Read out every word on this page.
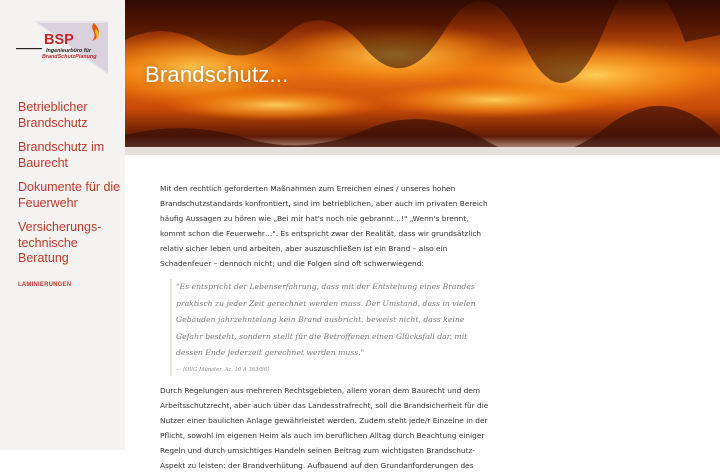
BSP
Ingenieurbüro für
BrandSchutzPlanung
Betrieblicher Brandschutz
Brandschutz im Baurecht
Dokumente für die Feuerwehr
Versicherungs-technische Beratung
LAMINIERUNGEN
Brandschutz...

Mit den rechtlich geforderten Maßnahmen zum Erreichen eines / unseres hohen Brandschutzstandards konfrontiert, sind im betrieblichen, aber auch im privaten Bereich häufig Aussagen zu hören wie „Bei mir hat's noch nie gebrannt…!" „Wenn's brennt, kommt schon die Feuerwehr…". Es entspricht zwar der Realität, dass wir grundsätzlich relativ sicher leben und arbeiten, aber auszuschließen ist ein Brand – also ein Schadenfeuer – dennoch nicht; und die Folgen sind oft schwerwiegend:

"Es entspricht der Lebenserfahrung, dass mit der Entstehung eines Brandes praktisch zu jeder Zeit gerechnet werden muss. Der Umstand, dass in vielen Gebäuden jahrzehntelang kein Brand ausbricht, beweist nicht, dass keine Gefahr besteht, sondern stellt für die Betroffenen einen Glücksfall dar, mit dessen Ende jederzeit gerechnet werden muss."
— (OVG Münster, Az. 10 A 363/86)

Durch Regelungen aus mehreren Rechtsgebieten, allem voran dem Baurecht und dem Arbeitsschutzrecht, aber auch über das Landesstrafrecht, soll die Brandsicherheit für die Nutzer einer baulichen Anlage gewährleistet werden. Zudem steht jede/r Einzelne in der Pflicht, sowohl im eigenen Heim als auch im beruflichen Alltag durch Beachtung einiger Regeln und durch umsichtiges Handeln seinen Beitrag zum wichtigsten Brandschutz-Aspekt zu leisten: der Brandverhütung. Aufbauend auf den Grundanforderungen des
